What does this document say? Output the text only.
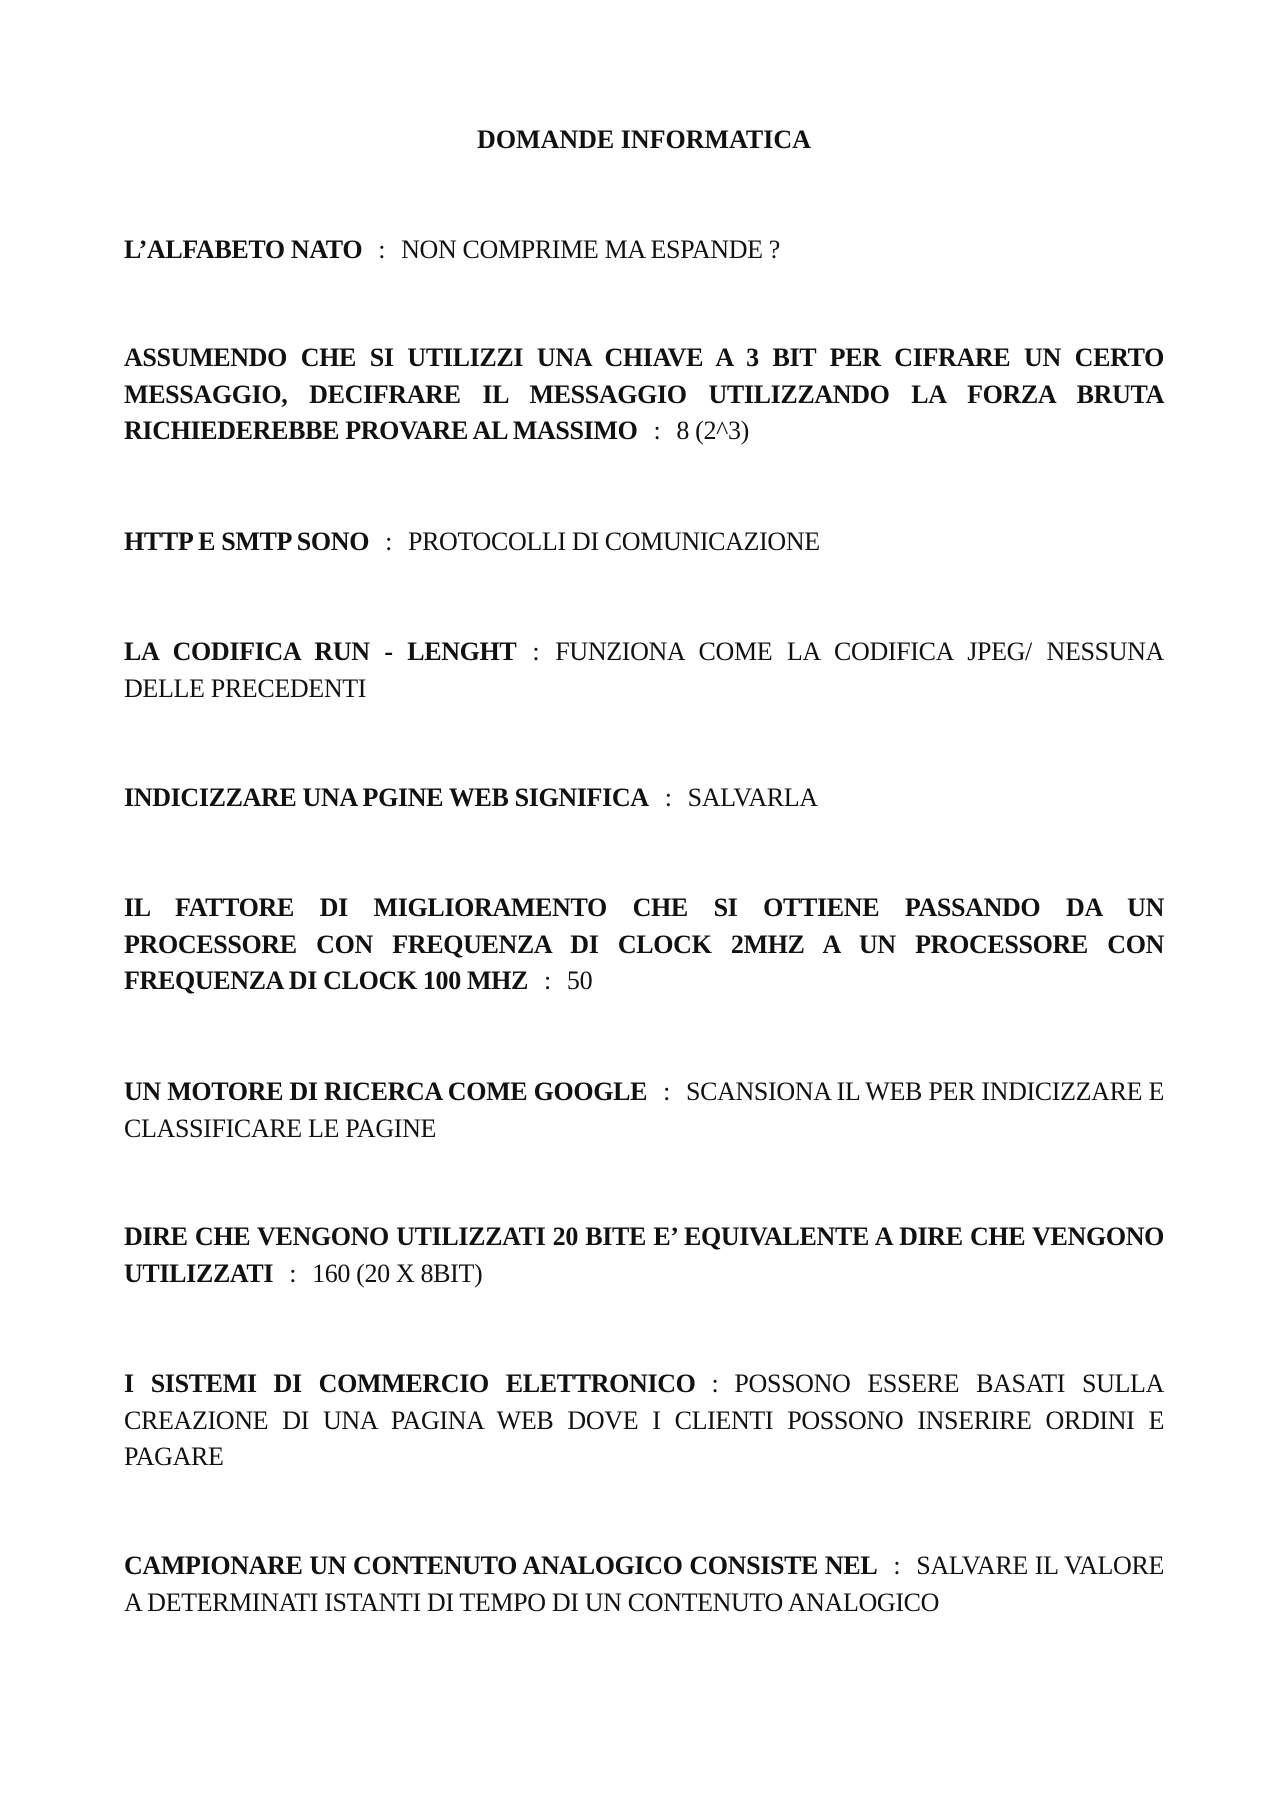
DOMANDE INFORMATICA

L’ALFABETO NATO : NON COMPRIME MA ESPANDE ?

ASSUMENDO CHE SI UTILIZZI UNA CHIAVE A 3 BIT PER CIFRARE UN CERTO MESSAGGIO, DECIFRARE IL MESSAGGIO UTILIZZANDO LA FORZA BRUTA RICHIEDEREBBE PROVARE AL MASSIMO : 8 (2^3)

HTTP E SMTP SONO : PROTOCOLLI DI COMUNICAZIONE

LA CODIFICA RUN - LENGHT : FUNZIONA COME LA CODIFICA JPEG/ NESSUNA DELLE PRECEDENTI

INDICIZZARE UNA PGINE WEB SIGNIFICA : SALVARLA

IL FATTORE DI MIGLIORAMENTO CHE SI OTTIENE PASSANDO DA UN PROCESSORE CON FREQUENZA DI CLOCK 2MHZ A UN PROCESSORE CON FREQUENZA DI CLOCK 100 MHZ : 50

UN MOTORE DI RICERCA COME GOOGLE : SCANSIONA IL WEB PER INDICIZZARE E CLASSIFICARE LE PAGINE

DIRE CHE VENGONO UTILIZZATI 20 BITE E’ EQUIVALENTE A DIRE CHE VENGONO UTILIZZATI : 160 (20 X 8BIT)

I SISTEMI DI COMMERCIO ELETTRONICO : POSSONO ESSERE BASATI SULLA CREAZIONE DI UNA PAGINA WEB DOVE I CLIENTI POSSONO INSERIRE ORDINI E PAGARE

CAMPIONARE UN CONTENUTO ANALOGICO CONSISTE NEL : SALVARE IL VALORE A DETERMINATI ISTANTI DI TEMPO DI UN CONTENUTO ANALOGICO
